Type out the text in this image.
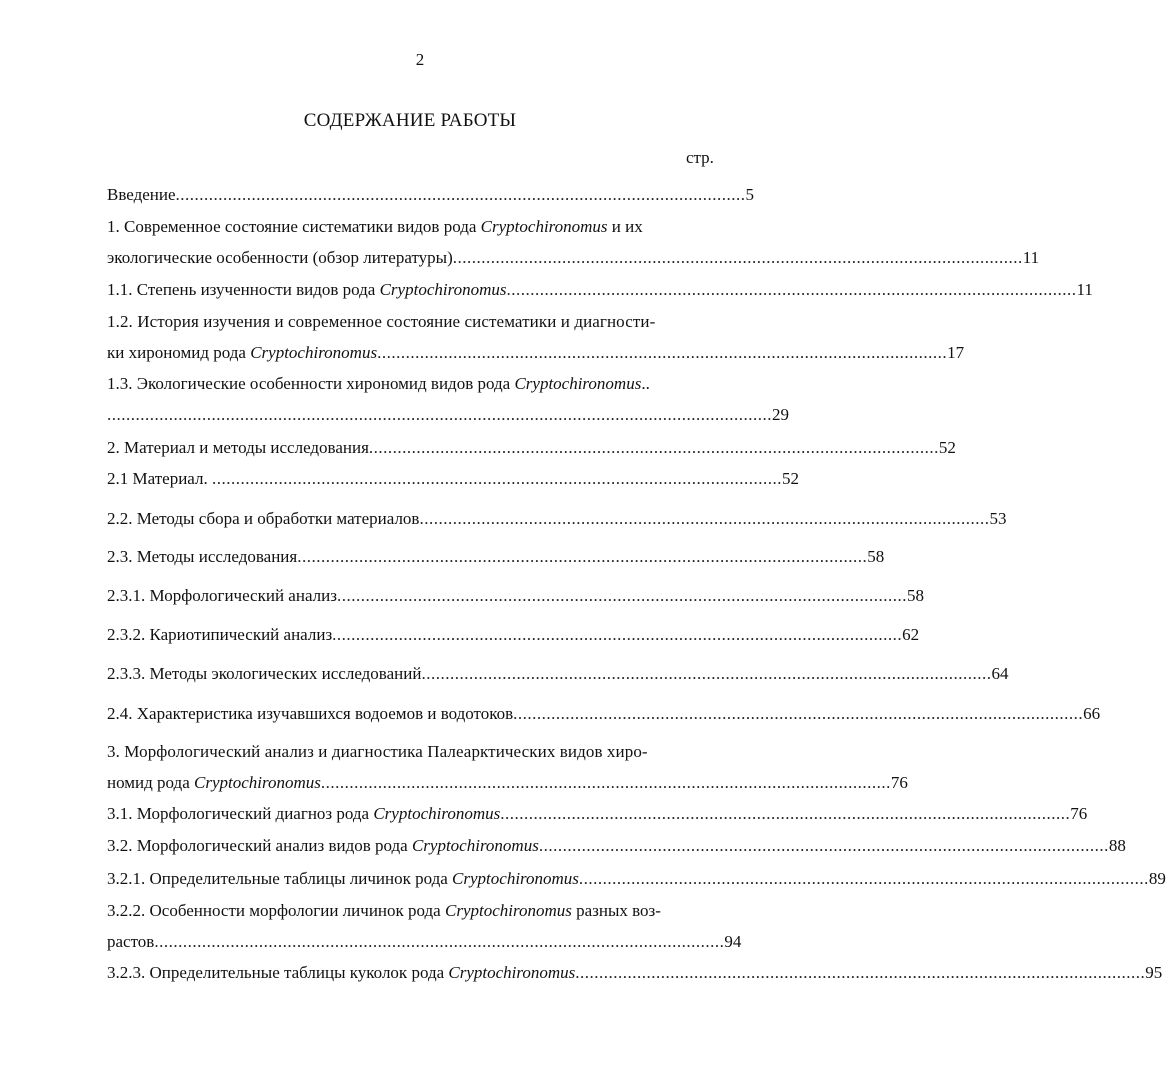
2
СОДЕРЖАНИЕ РАБОТЫ
стр.
Введение ........................................................................................................................ 5
1. Современное состояние систематики видов рода Cryptochironomus и их
экологические особенности (обзор литературы) ........................................................................................................................ 11
1.1. Степень изученности видов рода Cryptochironomus ........................................................................................................................ 11
1.2. История изучения и современное состояние систематики и диагности-
ки хирономид рода Cryptochironomus ........................................................................................................................ 17
1.3. Экологические особенности хирономид видов рода Cryptochironomus..
............................................................................................................................................ 29
2. Материал и методы исследования ........................................................................................................................ 52
2.1 Материал. ........................................................................................................................ 52
2.2. Методы сбора и обработки материалов ........................................................................................................................ 53
2.3. Методы исследования ........................................................................................................................ 58
2.3.1. Морфологический анализ ........................................................................................................................ 58
2.3.2. Кариотипический анализ ........................................................................................................................ 62
2.3.3. Методы экологических исследований ........................................................................................................................ 64
2.4. Характеристика изучавшихся водоемов и водотоков ........................................................................................................................ 66
3. Морфологический анализ и диагностика Палеарктических видов хиро-
номид рода Cryptochironomus ........................................................................................................................ 76
3.1. Морфологический диагноз рода Cryptochironomus ........................................................................................................................ 76
3.2. Морфологический анализ видов рода Cryptochironomus ........................................................................................................................ 88
3.2.1. Определительные таблицы личинок рода Cryptochironomus ........................................................................................................................ 89
3.2.2. Особенности морфологии личинок рода Cryptochironomus разных воз-
растов ........................................................................................................................ 94
3.2.3. Определительные таблицы куколок рода Cryptochironomus ........................................................................................................................ 95
